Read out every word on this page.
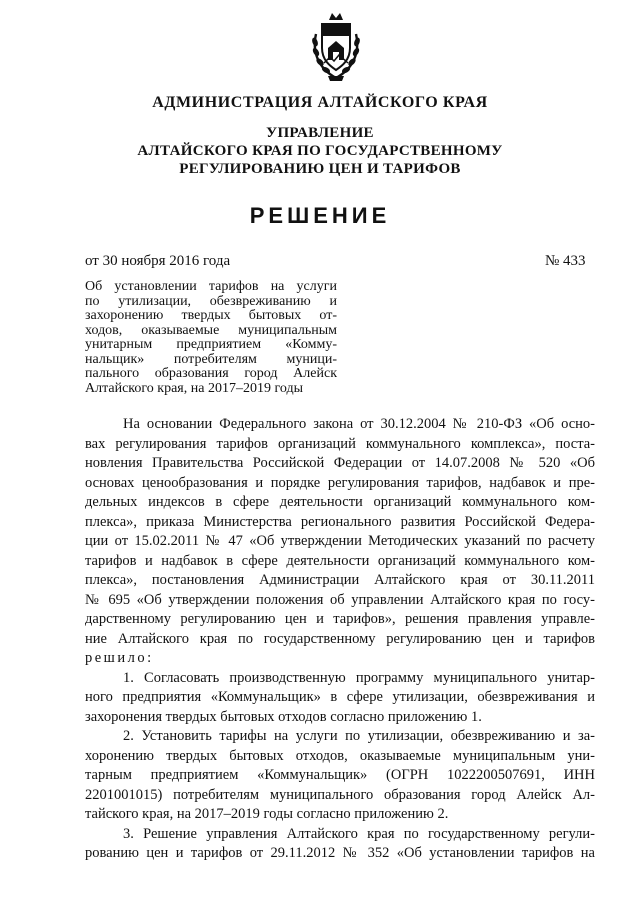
АДМИНИСТРАЦИЯ АЛТАЙСКОГО КРАЯ
УПРАВЛЕНИЕ
АЛТАЙСКОГО КРАЯ ПО ГОСУДАРСТВЕННОМУ
РЕГУЛИРОВАНИЮ ЦЕН И ТАРИФОВ
РЕШЕНИЕ
от 30 ноября 2016 года	№ 433
Об установлении тарифов на услуги
по утилизации, обезвреживанию и
захоронению твердых бытовых от-
ходов, оказываемые муниципальным
унитарным предприятием «Комму-
нальщик» потребителям муници-
пального образования город Алейск
Алтайского края, на 2017–2019 годы
На основании Федерального закона от 30.12.2004 № 210-ФЗ «Об осно-
вах регулирования тарифов организаций коммунального комплекса», поста-
новления Правительства Российской Федерации от 14.07.2008 № 520 «Об
основах ценообразования и порядке регулирования тарифов, надбавок и пре-
дельных индексов в сфере деятельности организаций коммунального ком-
плекса», приказа Министерства регионального развития Российской Федера-
ции от 15.02.2011 № 47 «Об утверждении Методических указаний по расчету
тарифов и надбавок в сфере деятельности организаций коммунального ком-
плекса», постановления Администрации Алтайского края от 30.11.2011
№ 695 «Об утверждении положения об управлении Алтайского края по госу-
дарственному регулированию цен и тарифов», решения правления управле-
ние Алтайского края по государственному регулированию цен и тарифов
решило:
1. Согласовать производственную программу муниципального унитар-
ного предприятия «Коммунальщик» в сфере утилизации, обезвреживания и
захоронения твердых бытовых отходов согласно приложению 1.
2. Установить тарифы на услуги по утилизации, обезвреживанию и за-
хоронению твердых бытовых отходов, оказываемые муниципальным уни-
тарным предприятием «Коммунальщик» (ОГРН 1022200507691, ИНН
2201001015) потребителям муниципального образования город Алейск Ал-
тайского края, на 2017–2019 годы согласно приложению 2.
3. Решение управления Алтайского края по государственному регули-
рованию цен и тарифов от 29.11.2012 № 352 «Об установлении тарифов на
